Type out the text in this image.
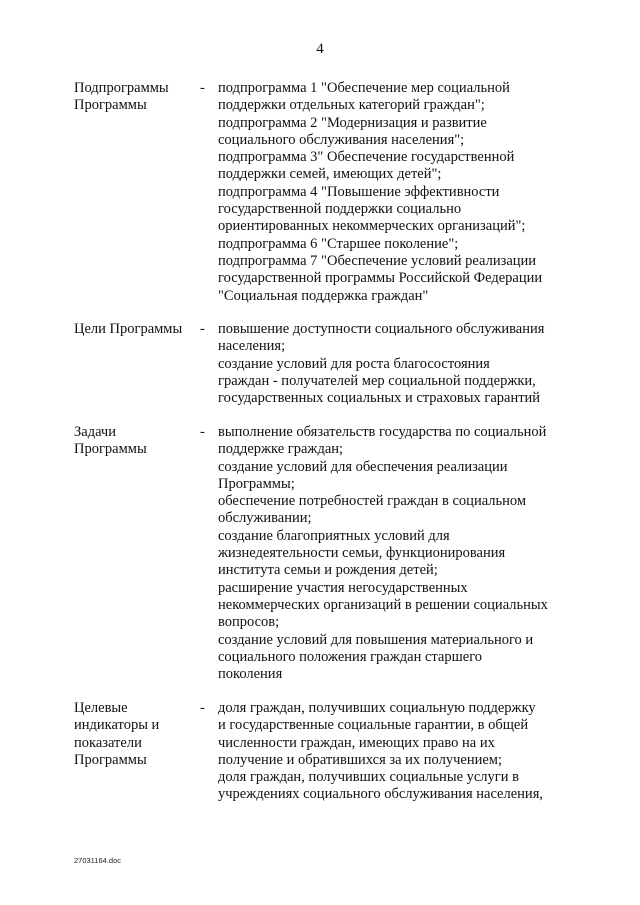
4
Подпрограммы
Программы
- подпрограмма 1 "Обеспечение мер социальной
поддержки отдельных категорий граждан";
подпрограмма 2 "Модернизация и развитие
социального обслуживания населения";
подпрограмма 3" Обеспечение государственной
поддержки семей, имеющих детей";
подпрограмма 4 "Повышение эффективности
государственной поддержки социально
ориентированных некоммерческих организаций";
подпрограмма 6 "Старшее поколение";
подпрограмма 7 "Обеспечение условий реализации
государственной программы Российской Федерации
"Социальная поддержка граждан"
Цели Программы	- повышение доступности социального обслуживания
населения;
создание условий для роста благосостояния
граждан - получателей мер социальной поддержки,
государственных социальных и страховых гарантий
Задачи
Программы
- выполнение обязательств государства по социальной
поддержке граждан;
создание условий для обеспечения реализации
Программы;
обеспечение потребностей граждан в социальном
обслуживании;
создание благоприятных условий для
жизнедеятельности семьи, функционирования
института семьи и рождения детей;
расширение участия негосударственных
некоммерческих организаций в решении социальных
вопросов;
создание условий для повышения материального и
социального положения граждан старшего
поколения
Целевые
индикаторы и
показатели
Программы
- доля граждан, получивших социальную поддержку
и государственные социальные гарантии, в общей
численности граждан, имеющих право на их
получение и обратившихся за их получением;
доля граждан, получивших социальные услуги в
учреждениях социального обслуживания населения,
27031164.doc
